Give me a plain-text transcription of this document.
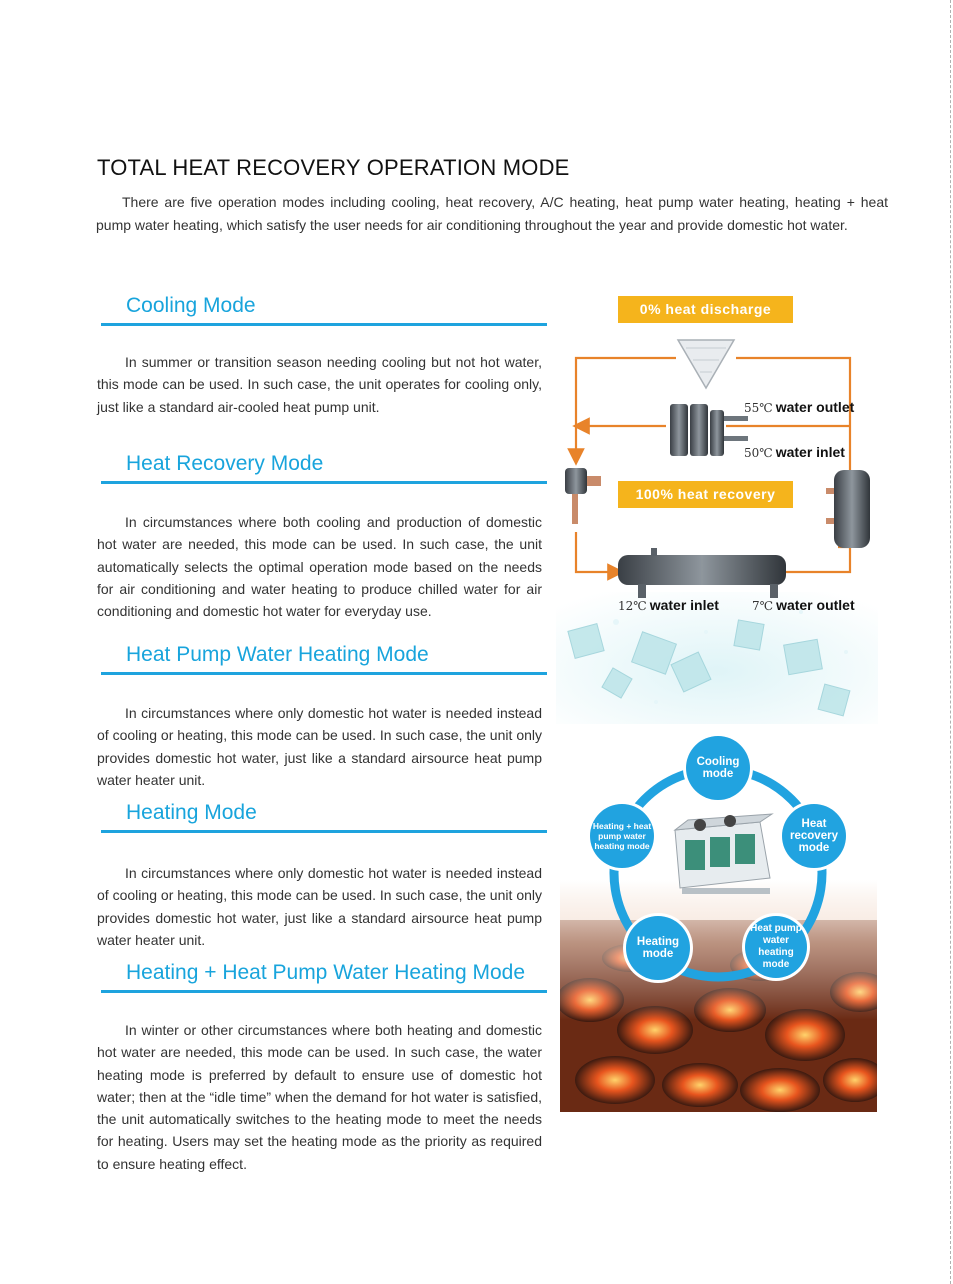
TOTAL HEAT RECOVERY OPERATION MODE

There are five operation modes including cooling, heat recovery, A/C heating, heat pump water heating, heating + heat pump water heating, which satisfy the user needs for air conditioning throughout the year and provide domestic hot water.

Cooling Mode

In summer or transition season needing cooling but not hot water, this mode can be used. In such case, the unit operates for cooling only, just like a standard air-cooled heat pump unit.

Heat Recovery Mode

In circumstances where both cooling and production of domestic hot water are needed, this mode can be used. In such case, the unit automatically selects the optimal operation mode based on the needs for air conditioning and water heating to produce chilled water for air conditioning and domestic hot water for everyday use.

Heat Pump Water Heating Mode

In circumstances where only domestic hot water is needed instead of cooling or heating, this mode can be used. In such case, the unit only provides domestic hot water, just like a standard airsource heat pump water heater unit.

Heating Mode

In circumstances where only domestic hot water is needed instead of cooling or heating, this mode can be used. In such case, the unit only provides domestic hot water, just like a standard airsource heat pump water heater unit.

Heating + Heat Pump Water Heating Mode

In winter or other circumstances where both heating and domestic hot water are needed, this mode can be used. In such case, the water heating mode is preferred by default to ensure use of domestic hot water; then at the “idle time” when the demand for hot water is satisfied, the unit automatically switches to the heating mode to meet the needs for heating. Users may set the heating mode as the priority as required to ensure heating effect.

0% heat discharge
100% heat recovery
55℃ water outlet
50℃ water inlet
12℃ water inlet	7℃ water outlet
Cooling mode
Heat recovery mode
Heat pump water heating mode
Heating mode
Heating + heat pump water heating mode
